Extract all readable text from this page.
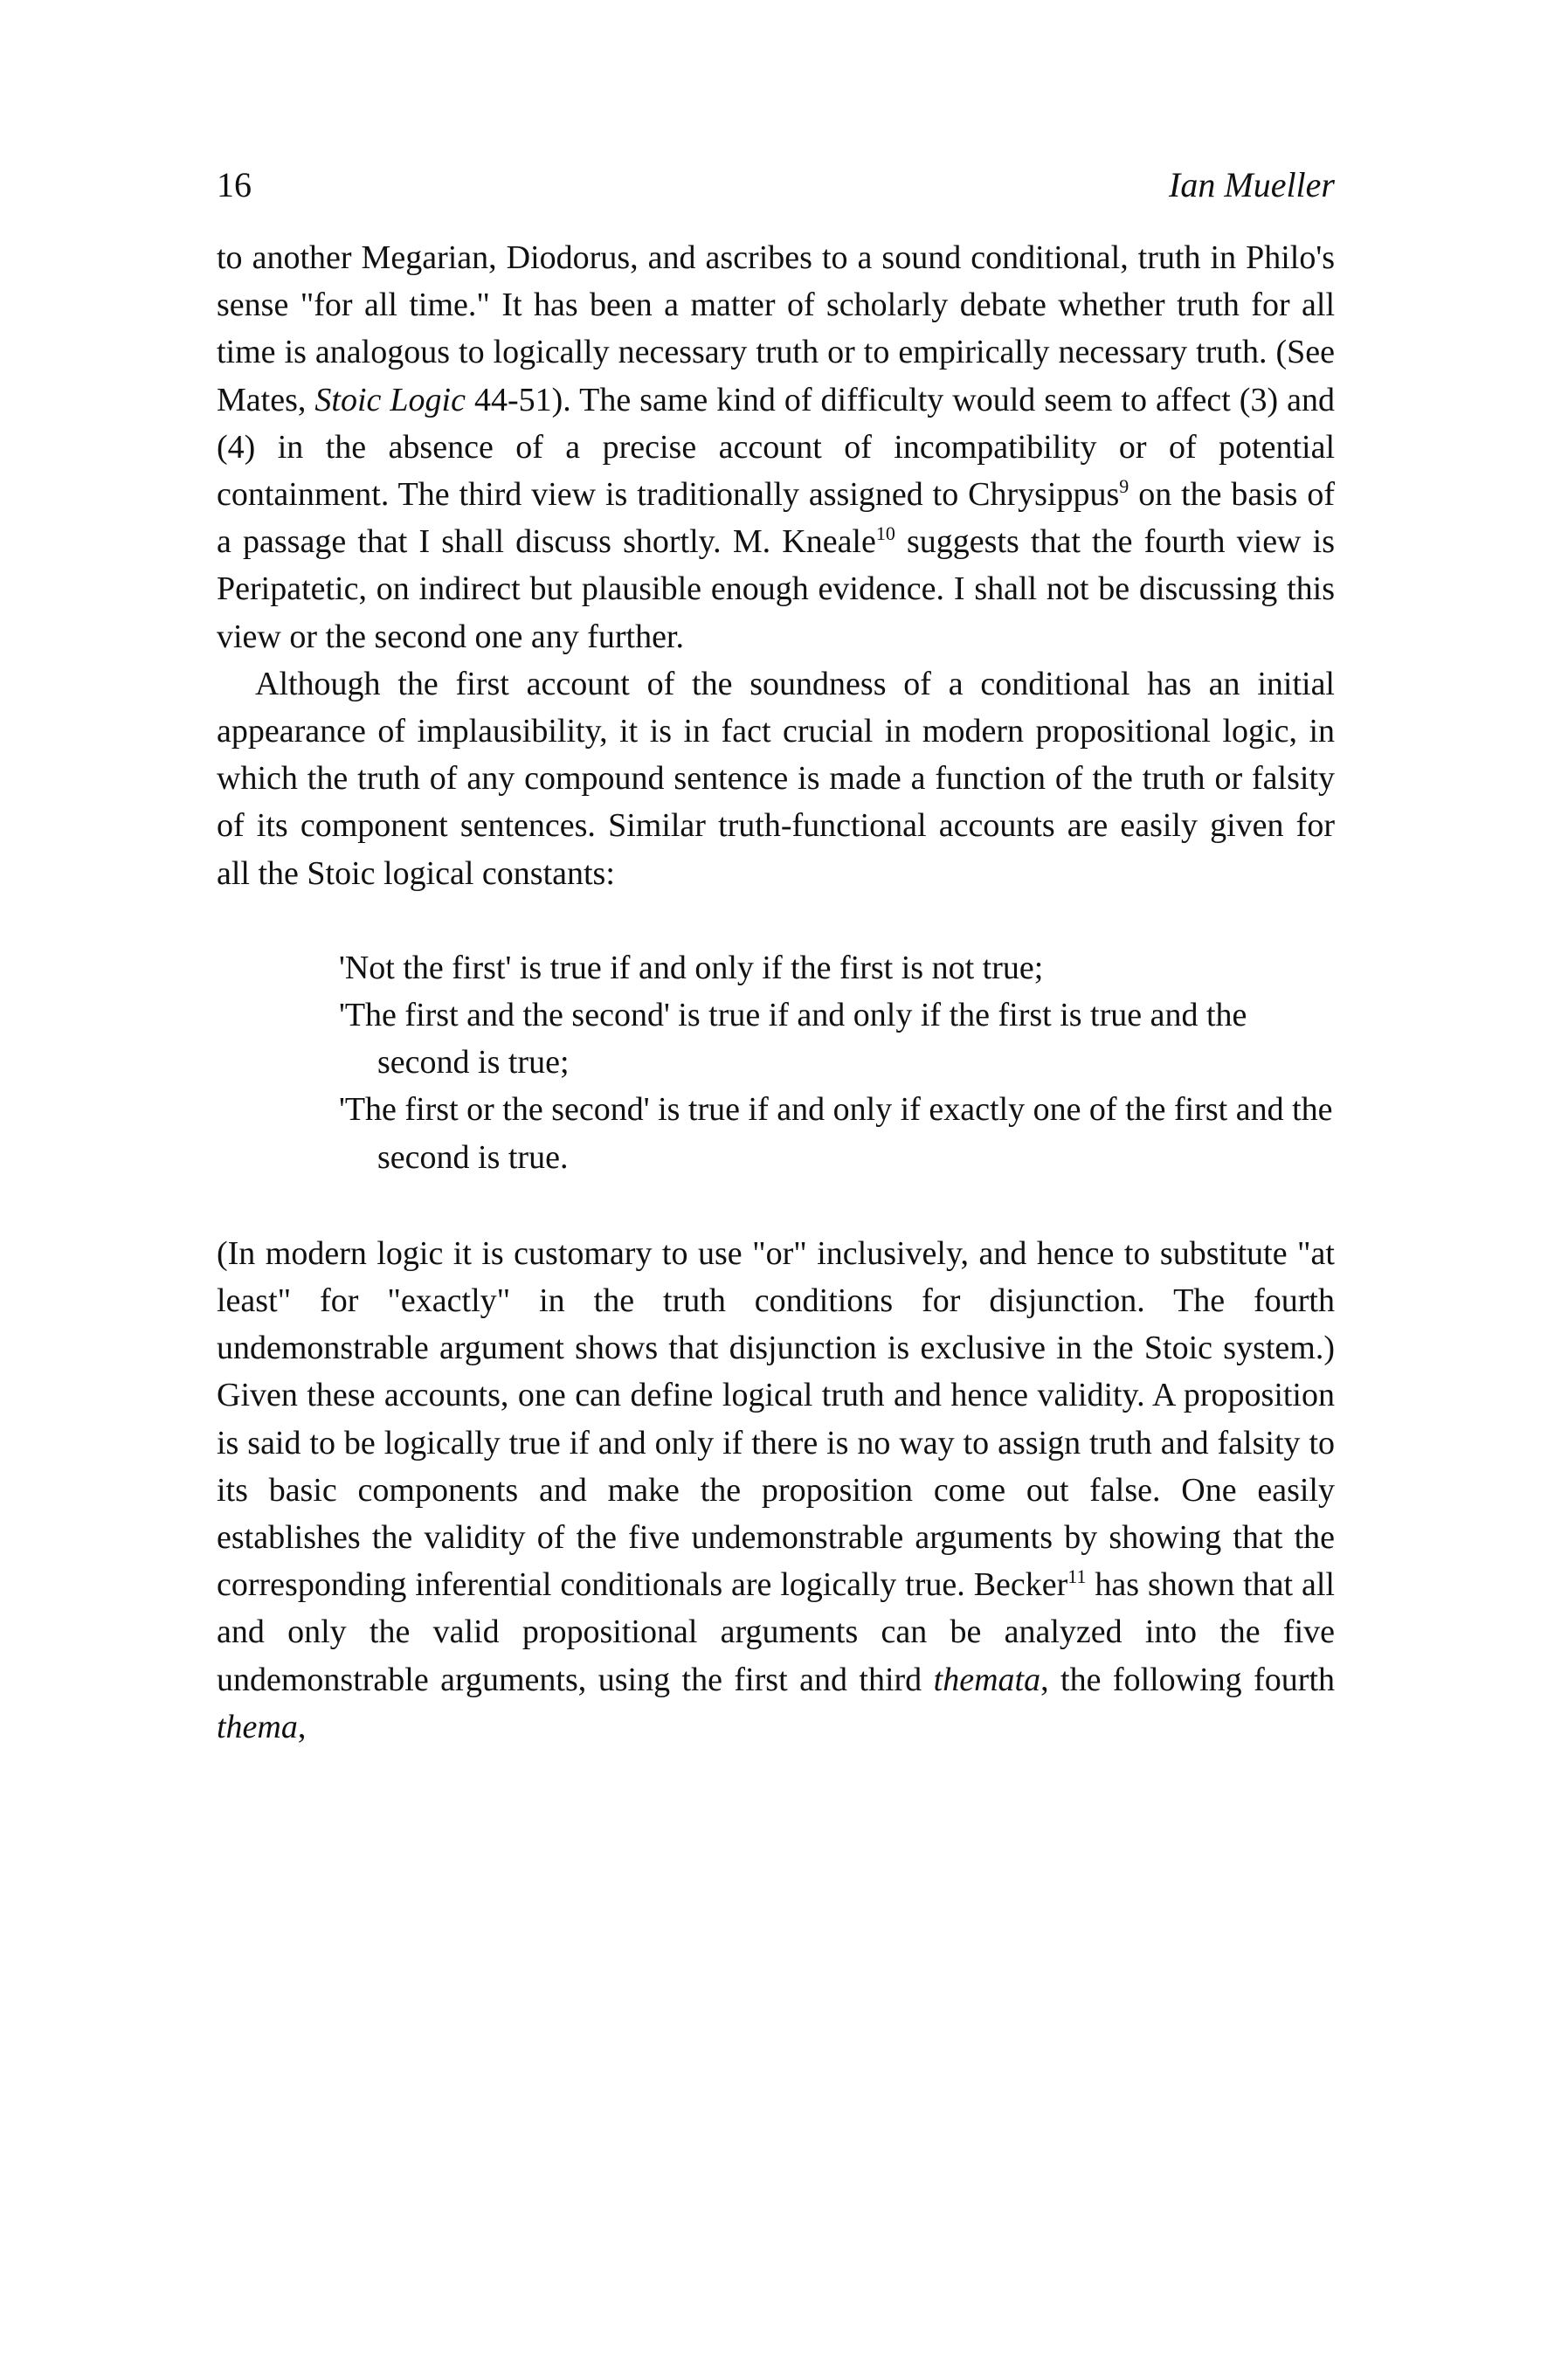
16	Ian Mueller

to another Megarian, Diodorus, and ascribes to a sound conditional, truth in Philo's sense "for all time." It has been a matter of scholarly debate whether truth for all time is analogous to logically necessary truth or to empirically necessary truth. (See Mates, Stoic Logic 44-51). The same kind of difficulty would seem to affect (3) and (4) in the absence of a precise account of incompatibility or of potential containment. The third view is traditionally assigned to Chrysippus$^9$ on the basis of a passage that I shall discuss shortly. M. Kneale$^{10}$ suggests that the fourth view is Peripatetic, on indirect but plausible enough evidence. I shall not be discussing this view or the second one any further.

Although the first account of the soundness of a conditional has an initial appearance of implausibility, it is in fact crucial in modern propositional logic, in which the truth of any compound sentence is made a function of the truth or falsity of its component sentences. Similar truth-functional accounts are easily given for all the Stoic logical constants:

'Not the first' is true if and only if the first is not true;

'The first and the second' is true if and only if the first is true and the second is true;

'The first or the second' is true if and only if exactly one of the first and the second is true.

(In modern logic it is customary to use "or" inclusively, and hence to substitute "at least" for "exactly" in the truth conditions for disjunction. The fourth undemonstrable argument shows that disjunction is exclusive in the Stoic system.) Given these accounts, one can define logical truth and hence validity. A proposition is said to be logically true if and only if there is no way to assign truth and falsity to its basic components and make the proposition come out false. One easily establishes the validity of the five undemonstrable arguments by showing that the corresponding inferential conditionals are logically true. Becker$^{11}$ has shown that all and only the valid propositional arguments can be analyzed into the five undemonstrable arguments, using the first and third themata, the following fourth thema,
